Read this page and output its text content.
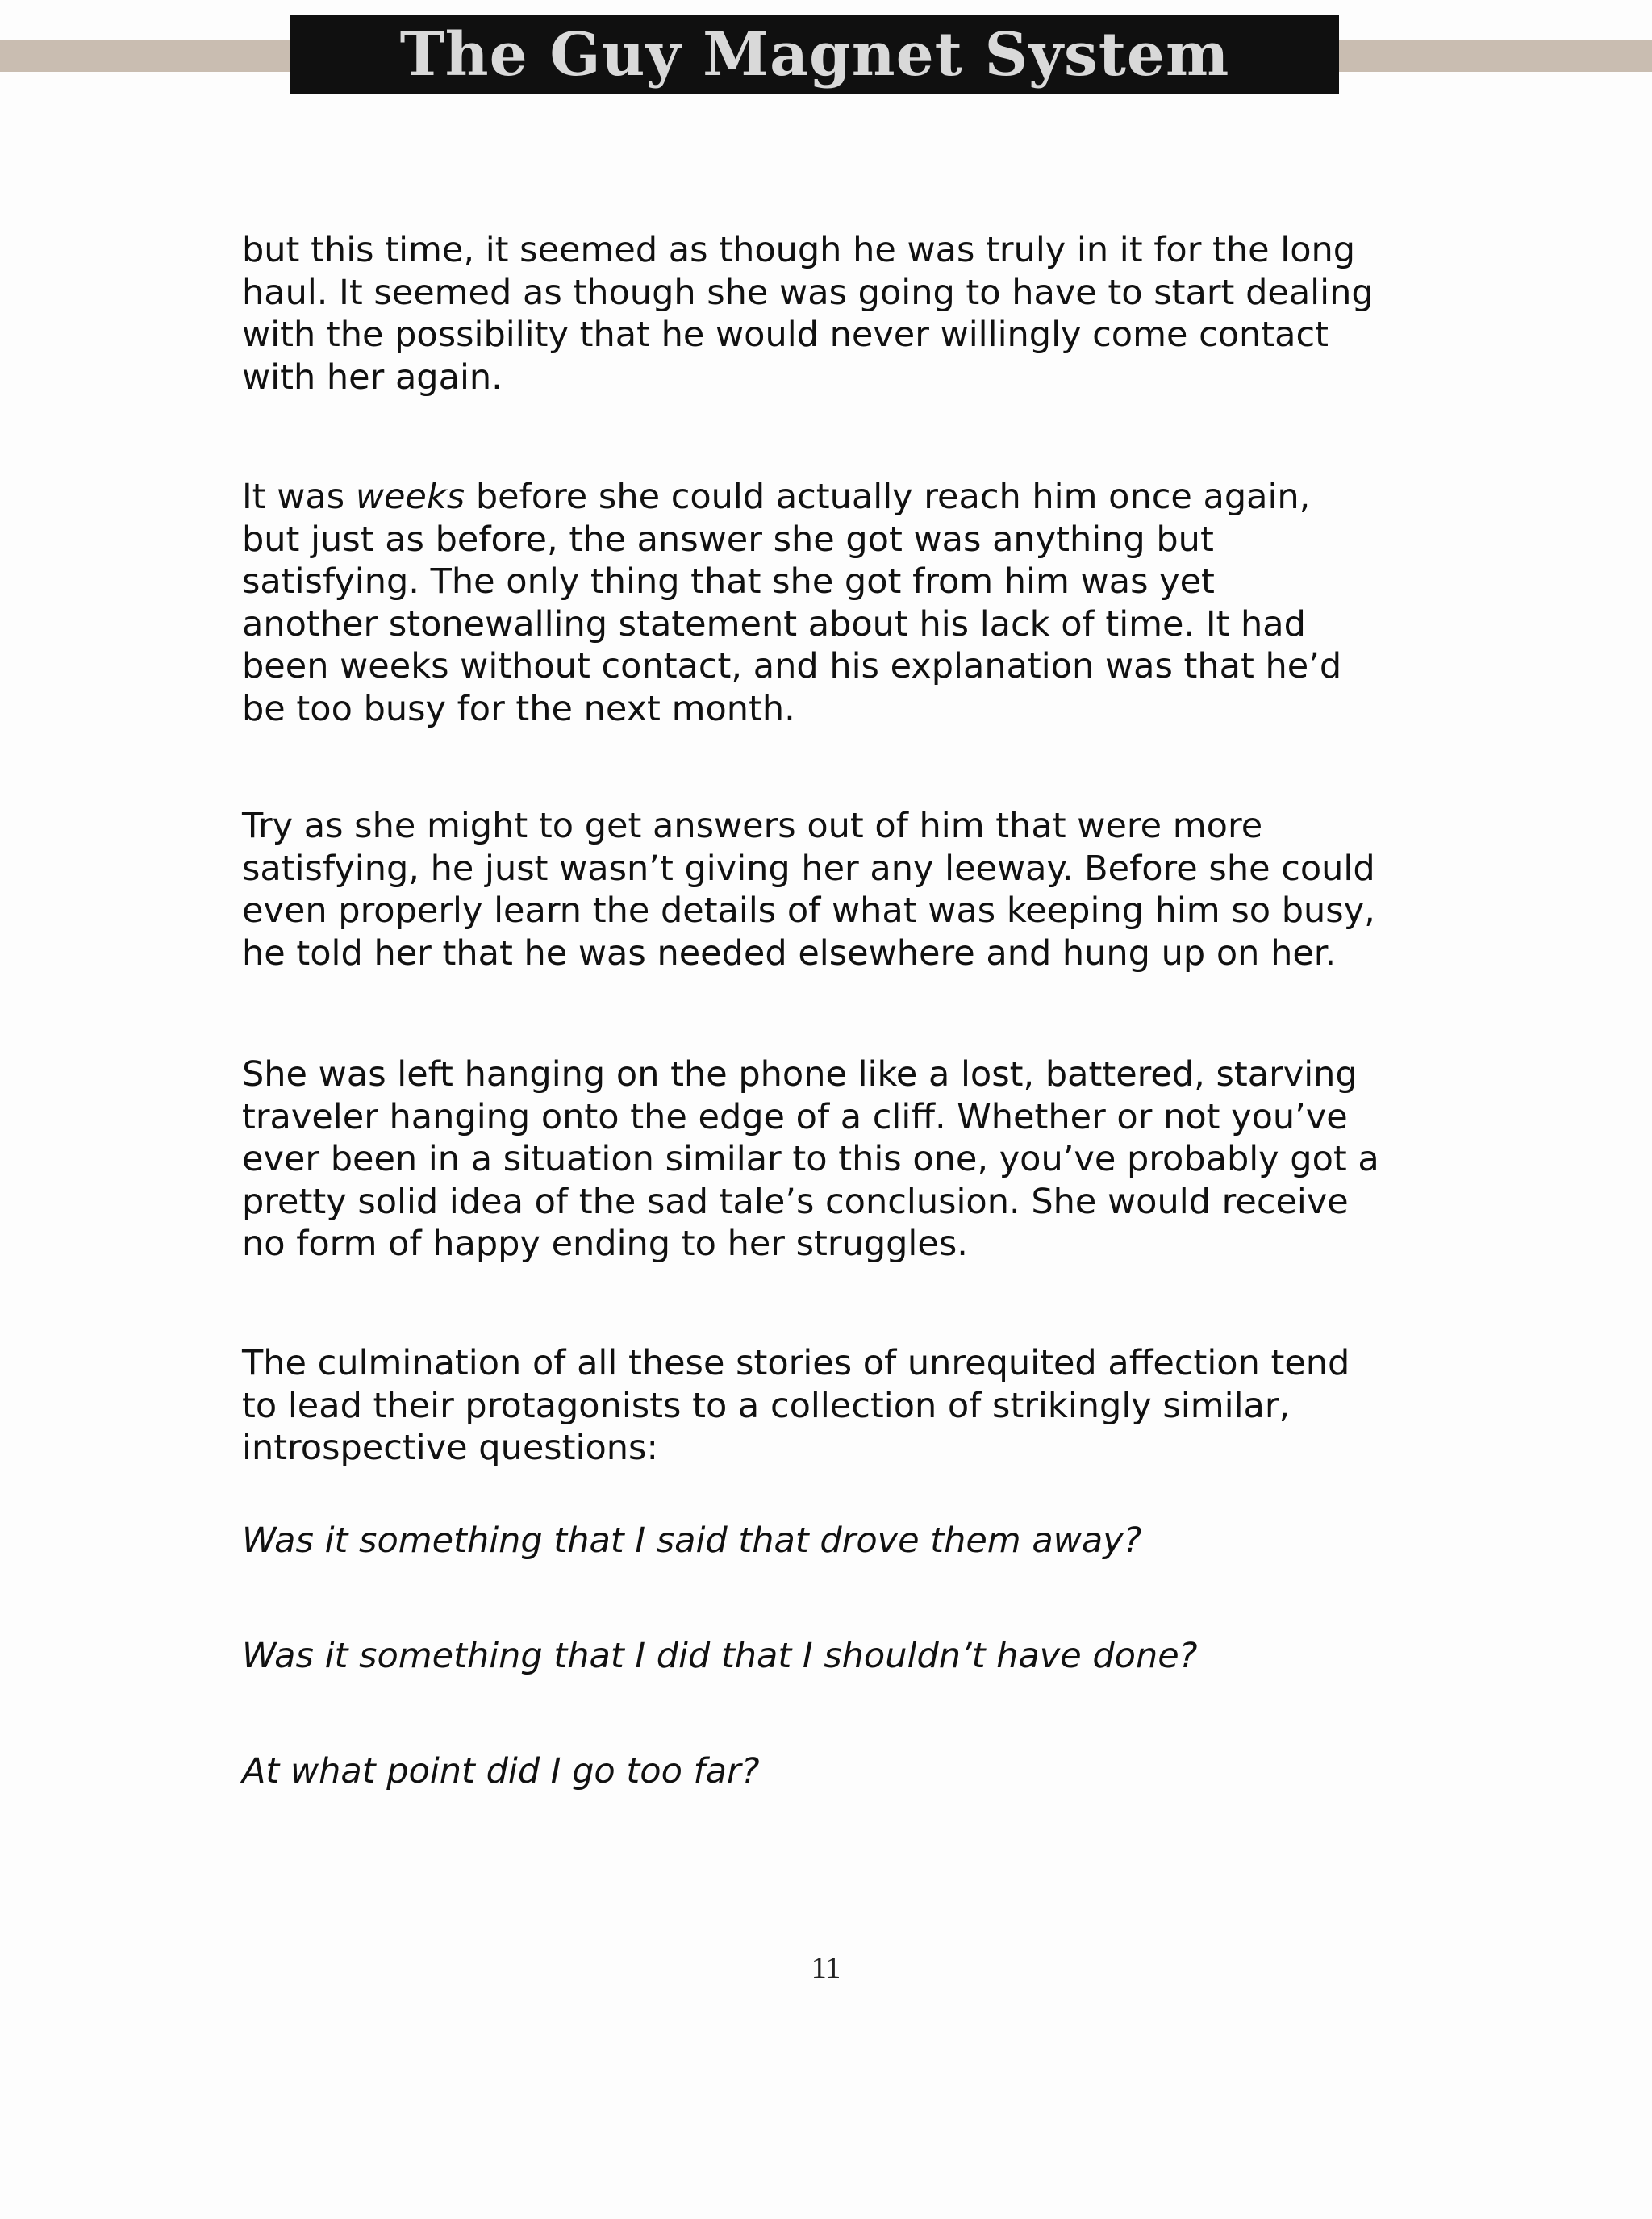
The Guy Magnet System

but this time, it seemed as though he was truly in it for the long
haul. It seemed as though she was going to have to start dealing
with the possibility that he would never willingly come contact
with her again.

It was weeks before she could actually reach him once again,
but just as before, the answer she got was anything but
satisfying. The only thing that she got from him was yet
another stonewalling statement about his lack of time. It had
been weeks without contact, and his explanation was that he’d
be too busy for the next month.

Try as she might to get answers out of him that were more
satisfying, he just wasn’t giving her any leeway. Before she could
even properly learn the details of what was keeping him so busy,
he told her that he was needed elsewhere and hung up on her.

She was left hanging on the phone like a lost, battered, starving
traveler hanging onto the edge of a cliff. Whether or not you’ve
ever been in a situation similar to this one, you’ve probably got a
pretty solid idea of the sad tale’s conclusion. She would receive
no form of happy ending to her struggles.

The culmination of all these stories of unrequited affection tend
to lead their protagonists to a collection of strikingly similar,
introspective questions:

Was it something that I said that drove them away?

Was it something that I did that I shouldn’t have done?

At what point did I go too far?

11
